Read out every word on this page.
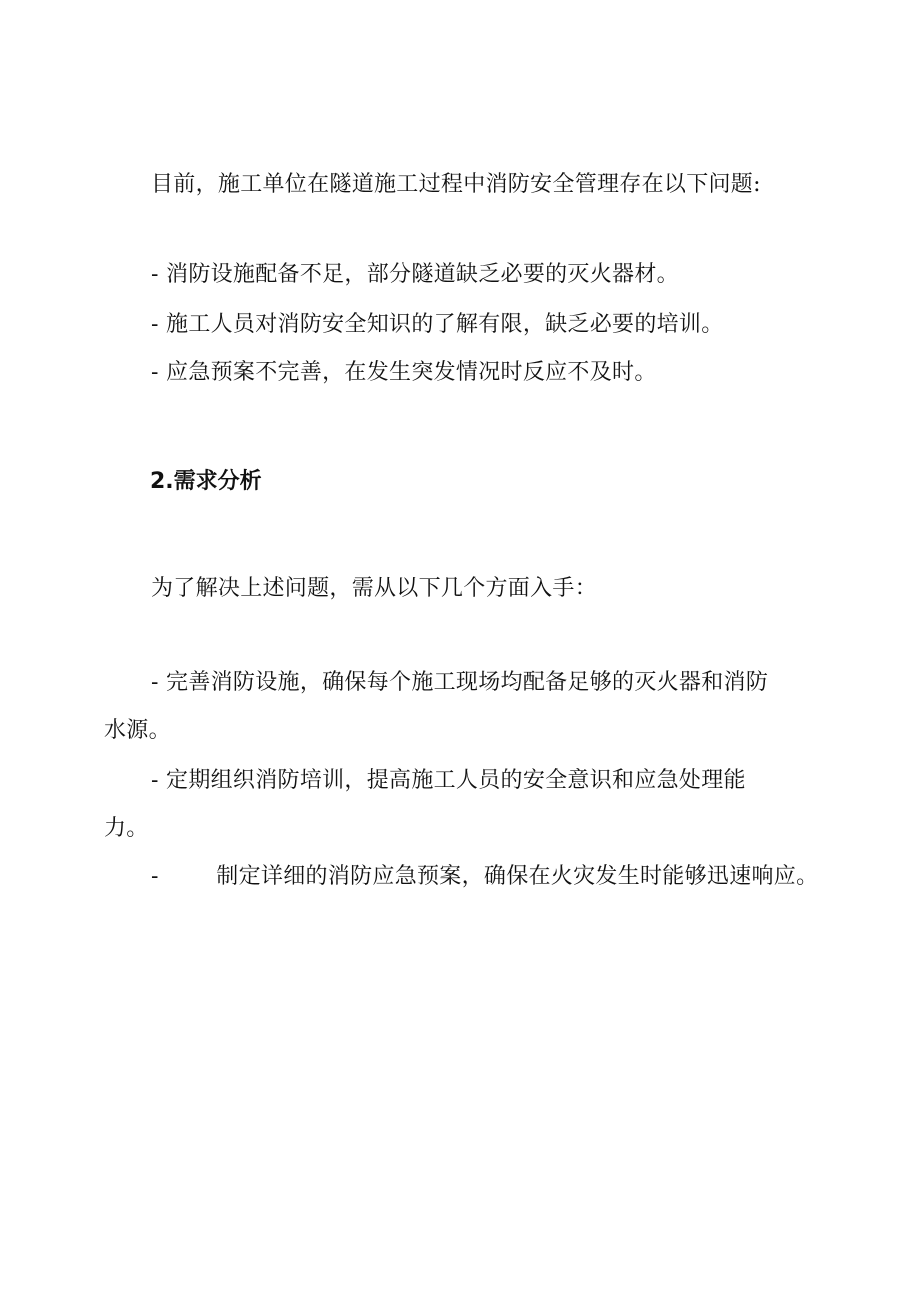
目前，施工单位在隧道施工过程中消防安全管理存在以下问题:
- 消防设施配备不足，部分隧道缺乏必要的灭火器材。
- 施工人员对消防安全知识的了解有限，缺乏必要的培训。
- 应急预案不完善，在发生突发情况时反应不及时。
2.需求分析
为了解决上述问题，需从以下几个方面入手：
- 完善消防设施，确保每个施工现场均配备足够的灭火器和消防
水源。
- 定期组织消防培训，提高施工人员的安全意识和应急处理能
力。
-	制定详细的消防应急预案，确保在火灾发生时能够迅速响应。
